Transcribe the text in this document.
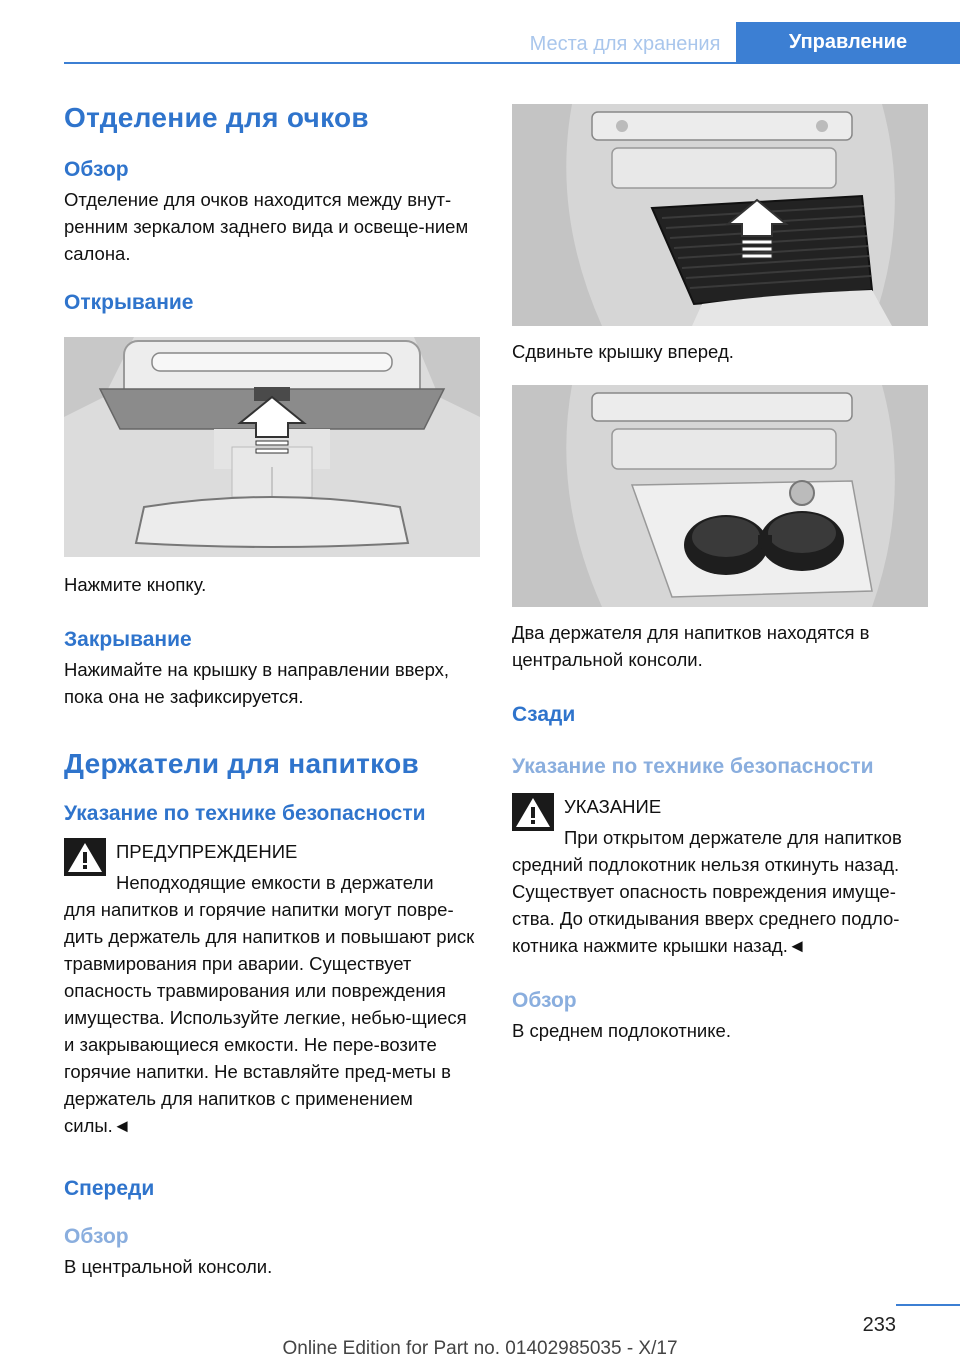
Места для хранения	Управление
Отделение для очков
Обзор

Отделение для очков находится между внут-ренним зеркалом заднего вида и освеще-нием салона.

Открывание

Нажмите кнопку.

Закрывание

Нажимайте на крышку в направлении вверх, пока она не зафиксируется.

Держатели для напитков
Указание по технике безопасности
ПРЕДУПРЕЖДЕНИЕ
Неподходящие емкости в держатели
для напитков и горячие напитки могут повре-дить держатель для напитков и повышают риск травмирования при аварии. Существует опасность травмирования или повреждения имущества. Используйте легкие, небью-щиеся и закрывающиеся емкости. Не пере-возите горячие напитки. Не вставляйте пред-меты в держатель для напитков с применением силы.◄
Спереди
Обзор

В центральной консоли.

Сдвиньте крышку вперед.

Два держателя для напитков находятся в центральной консоли.

Сзади
Указание по технике безопасности
УКАЗАНИЕ
При открытом держателе для напитков
средний подлокотник нельзя откинуть назад. Существует опасность повреждения имуще-ства. До откидывания вверх среднего подло-котника нажмите крышки назад.◄
Обзор

В среднем подлокотнике.

233
Online Edition for Part no. 01402985035 - X/17
